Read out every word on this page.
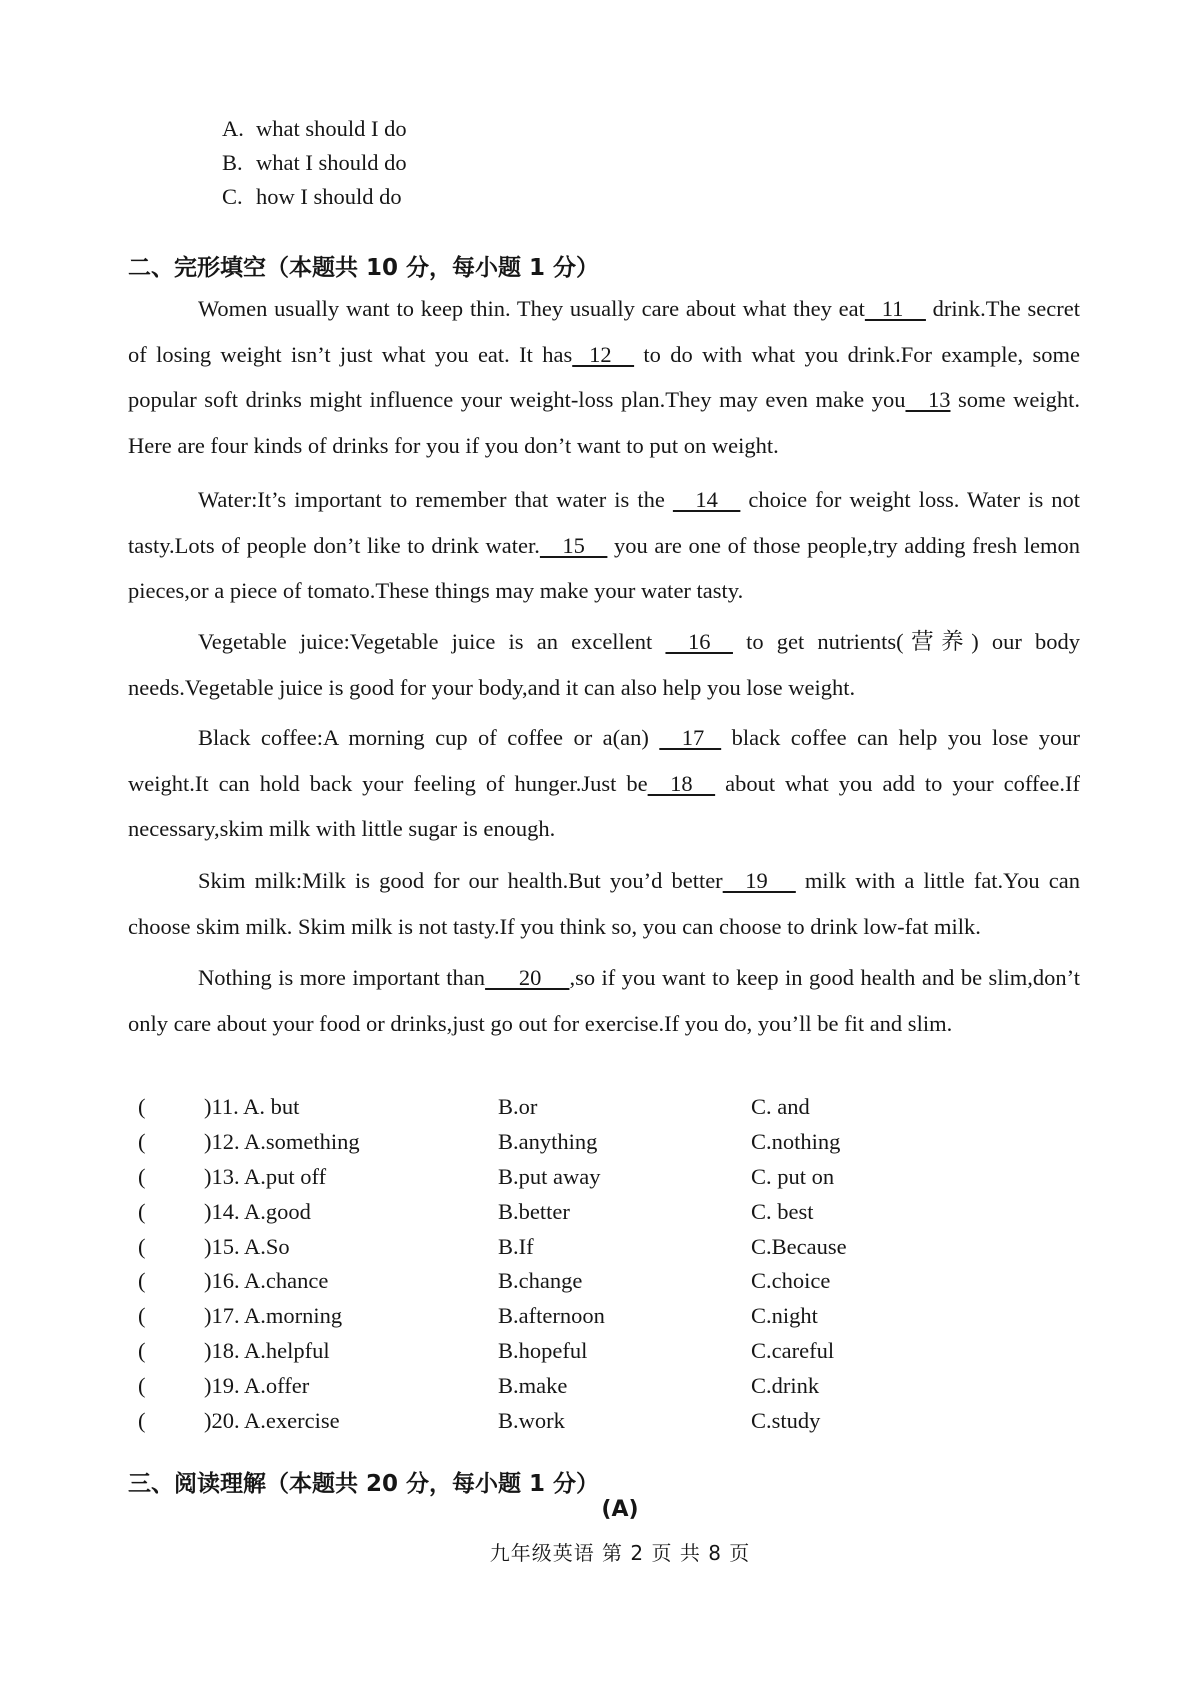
A. what should I do
B. what I should do
C. how I should do
二、完形填空（本题共 10 分，每小题 1 分）
Women usually want to keep thin. They usually care about what they eat   11     drink.The secret of losing weight isn’t just what you eat. It has   12     to do with what you drink.For example, some popular soft drinks might influence your weight-loss plan.They may even make you    13 some weight. Here are four kinds of drinks for you if you don’t want to put on weight.
Water:It’s important to remember that water is the     14     choice for weight loss. Water is not tasty.Lots of people don’t like to drink water.    15     you are one of those people,try adding fresh lemon pieces,or a piece of tomato.These things may make your water tasty.
Vegetable juice:Vegetable juice is an excellent     16     to get nutrients(营养) our body needs.Vegetable juice is good for your body,and it can also help you lose weight.
Black coffee:A morning cup of coffee or a(an)     17    black coffee can help you lose your weight.It can hold back your feeling of hunger.Just be    18     about what you add to your coffee.If necessary,skim milk with little sugar is enough.
Skim milk:Milk is good for our health.But you’d better    19      milk with a little fat.You can choose skim milk. Skim milk is not tasty.If you think so, you can choose to drink low-fat milk.
Nothing is more important than      20     ,so if you want to keep in good health and be slim,don’t only care about your food or drinks,just go out for exercise.If you do, you’ll be fit and slim.
(	)11. A. but	B.or	C. and
(	)12. A.something	B.anything	C.nothing
(	)13. A.put off	B.put away	C. put on
(	)14. A.good	B.better	C. best
(	)15. A.So	B.If	C.Because
(	)16. A.chance	B.change	C.choice
(	)17. A.morning	B.afternoon	C.night
(	)18. A.helpful	B.hopeful	C.careful
(	)19. A.offer	B.make	C.drink
(	)20. A.exercise	B.work	C.study
三、阅读理解（本题共 20 分，每小题 1 分）
(A)
九年级英语 第 2 页 共 8 页
